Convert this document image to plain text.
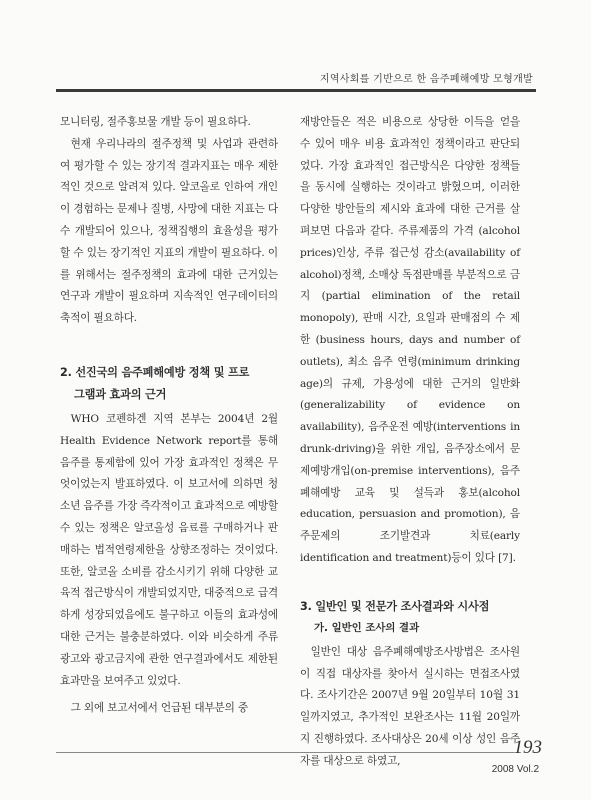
지역사회를 기반으로 한 음주폐해예방 모형개발

모니터링, 절주홍보물 개발 등이 필요하다.

현재 우리나라의 절주정책 및 사업과 관련하여 평가할 수 있는 장기적 결과지표는 매우 제한적인 것으로 알려져 있다. 알코올로 인하여 개인이 경험하는 문제나 질병, 사망에 대한 지표는 다수 개발되어 있으나, 정책집행의 효율성을 평가할 수 있는 장기적인 지표의 개발이 필요하다. 이를 위해서는 절주정책의 효과에 대한 근거있는 연구과 개발이 필요하며 지속적인 연구데이터의 축적이 필요하다.

2. 선진국의 음주폐해예방 정책 및 프로
그램과 효과의 근거

WHO 코펜하겐 지역 본부는 2004년 2월 Health Evidence Network report를 통해 음주를 통제함에 있어 가장 효과적인 정책은 무엇이었는지 발표하였다. 이 보고서에 의하면 청소년 음주를 가장 즉각적이고 효과적으로 예방할 수 있는 정책은 알코올성 음료를 구매하거나 판매하는 법적연령제한을 상향조정하는 것이었다. 또한, 알코올 소비를 감소시키기 위해 다양한 교육적 접근방식이 개발되었지만, 대중적으로 급격하게 성장되었음에도 불구하고 이들의 효과성에 대한 근거는 불충분하였다. 이와 비슷하게 주류광고와 광고금지에 관한 연구결과에서도 제한된 효과만을 보여주고 있었다.

그 외에 보고서에서 언급된 대부분의 중

재방안들은 적은 비용으로 상당한 이득을 얻을 수 있어 매우 비용 효과적인 정책이라고 판단되었다. 가장 효과적인 접근방식은 다양한 정책들을 동시에 실행하는 것이라고 밝혔으며, 이러한 다양한 방안들의 제시와 효과에 대한 근거를 살펴보면 다음과 같다. 주류제품의 가격 (alcohol prices)인상, 주류 접근성 감소(availability of alcohol)정책, 소매상 독점판매를 부분적으로 금지 (partial elimination of the retail monopoly), 판매 시간, 요일과 판매점의 수 제한 (business hours, days and number of outlets), 최소 음주 연령(minimum drinking age)의 규제, 가용성에 대한 근거의 일반화(generalizability of evidence on availability), 음주운전 예방(interventions in drunk-driving)을 위한 개입, 음주장소에서 문제예방개입(on-premise interventions), 음주폐해예방 교육 및 설득과 홍보(alcohol education, persuasion and promotion), 음주문제의 조기발견과 치료(early identification and treatment)등이 있다 [7].

3. 일반인 및 전문가 조사결과와 시사점
가. 일반인 조사의 결과

일반인 대상 음주폐해예방조사방법은 조사원이 직접 대상자를 찾아서 실시하는 면접조사였다. 조사기간은 2007년 9월 20일부터 10월 31일까지였고, 추가적인 보완조사는 11월 20일까지 진행하였다. 조사대상은 20세 이상 성인 음주자를 대상으로 하였고,

193
2008 Vol.2
